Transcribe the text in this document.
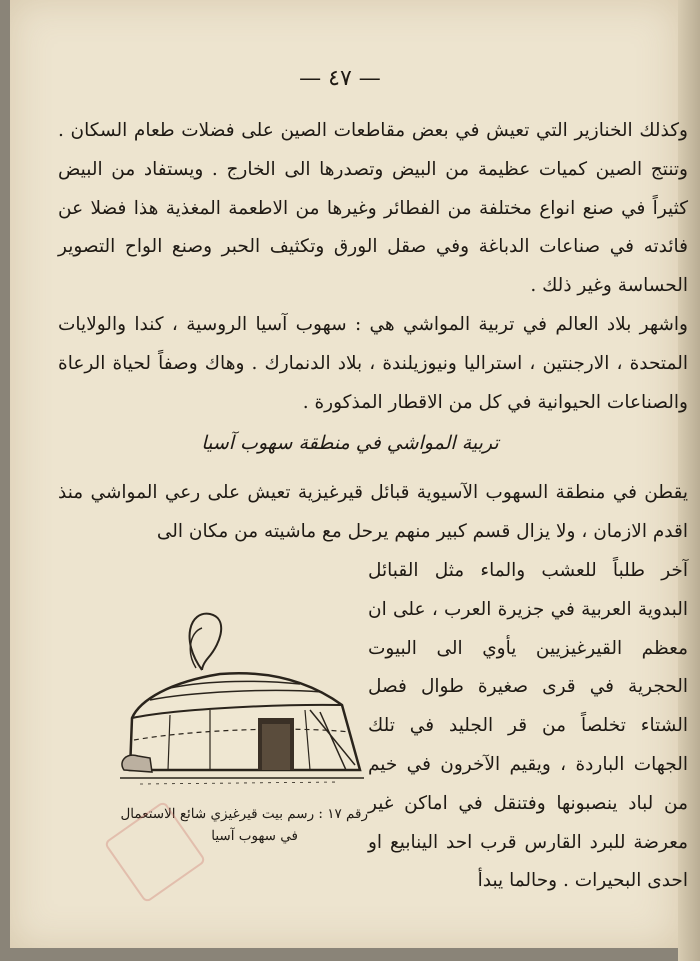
— ٤٧ —

وكذلك الخنازير التي تعيش في بعض مقاطعات الصين على فضلات طعام السكان . وتنتج الصين كميات عظيمة من البيض وتصدرها الى الخارج . ويستفاد من البيض كثيراً في صنع انواع مختلفة من الفطائر وغيرها من الاطعمة المغذية هذا فضلا عن فائدته في صناعات الدباغة وفي صقل الورق وتكثيف الحبر وصنع الواح التصوير الحساسة وغير ذلك .

واشهر بلاد العالم في تربية المواشي هي : سهوب آسيا الروسية ، كندا والولايات المتحدة ، الارجنتين ، استراليا ونيوزيلندة ، بلاد الدنمارك . وهاك وصفاً لحياة الرعاة والصناعات الحيوانية في كل من الاقطار المذكورة .

تربية المواشي في منطقة سهوب آسيا
يقطن في منطقة السهوب الآسيوية قبائل قيرغيزية تعيش على رعي المواشي منذ اقدم الازمان ، ولا يزال قسم كبير منهم يرحل مع ماشيته من مكان الى
آخر طلباً للعشب والماء مثل القبائل البدوية العربية في جزيرة العرب ، على ان معظم القيرغيزيين يأوي الى البيوت الحجرية في قرى صغيرة طوال فصل الشتاء تخلصاً من قر الجليد في تلك الجهات الباردة ، ويقيم الآخرون في خيم من لباد ينصبونها وفتنقل في اماكن غير معرضة للبرد القارس قرب احد الينابيع او احدى البحيرات . وحالما يبدأ
رقم ١٧ : رسم بيت قيرغيزي شائع الاستعمال
في سهوب آسيا
